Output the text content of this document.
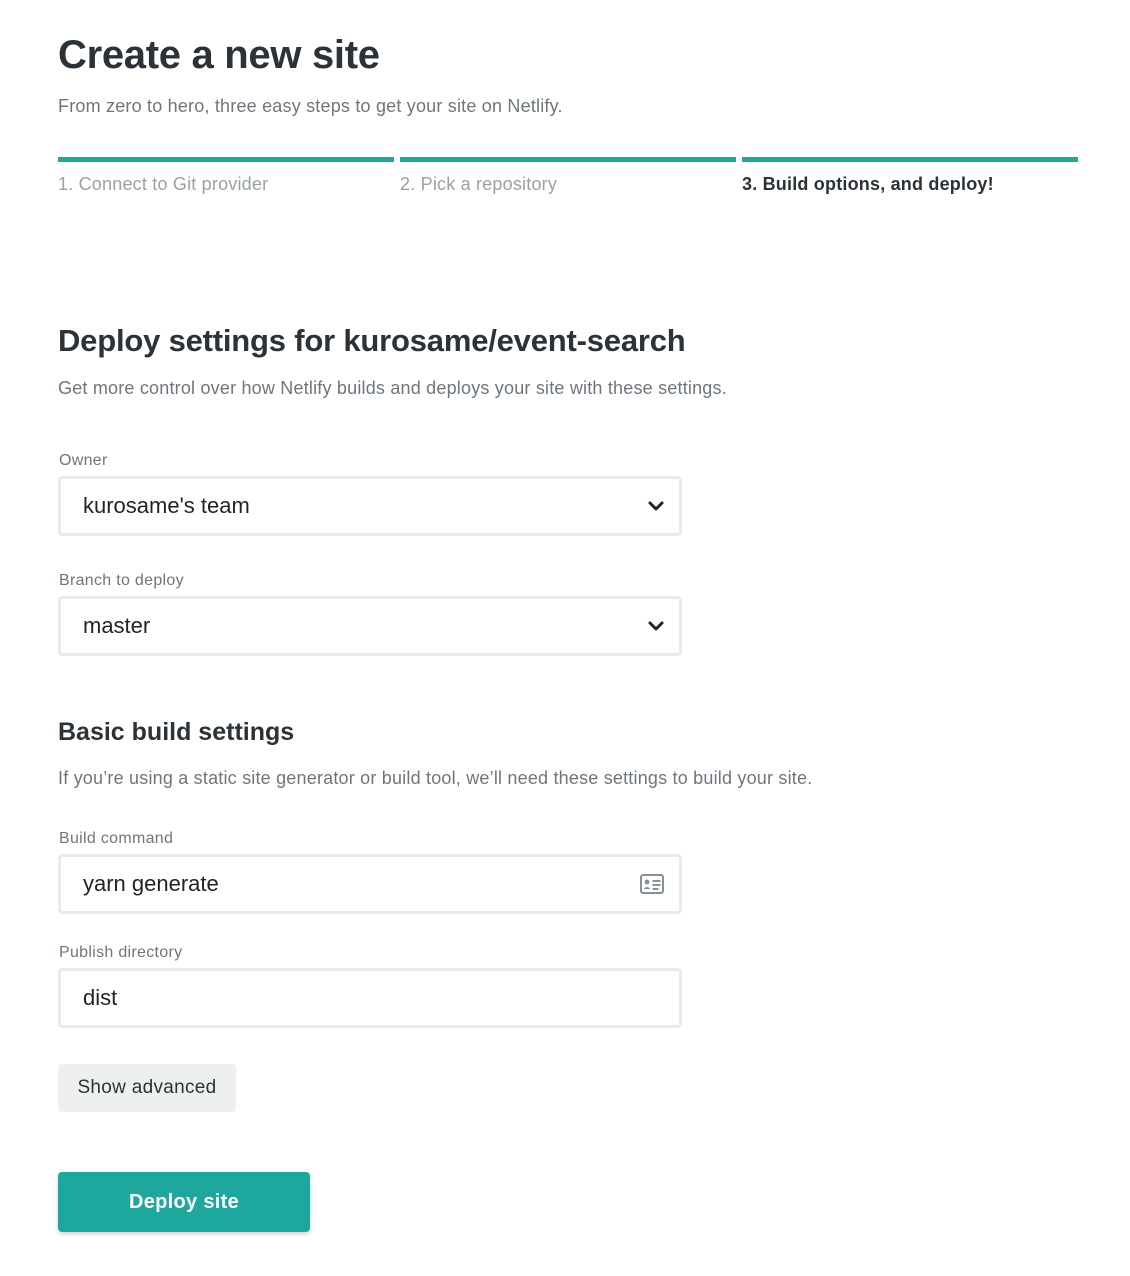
Create a new site

From zero to hero, three easy steps to get your site on Netlify.

1. Connect to Git provider	2. Pick a repository	3. Build options, and deploy!
Deploy settings for kurosame/event-search

Get more control over how Netlify builds and deploys your site with these settings.

Owner
kurosame's team
Branch to deploy
master
Basic build settings

If you’re using a static site generator or build tool, we’ll need these settings to build your site.

Build command
yarn generate
Publish directory
dist
Show advanced
Deploy site
